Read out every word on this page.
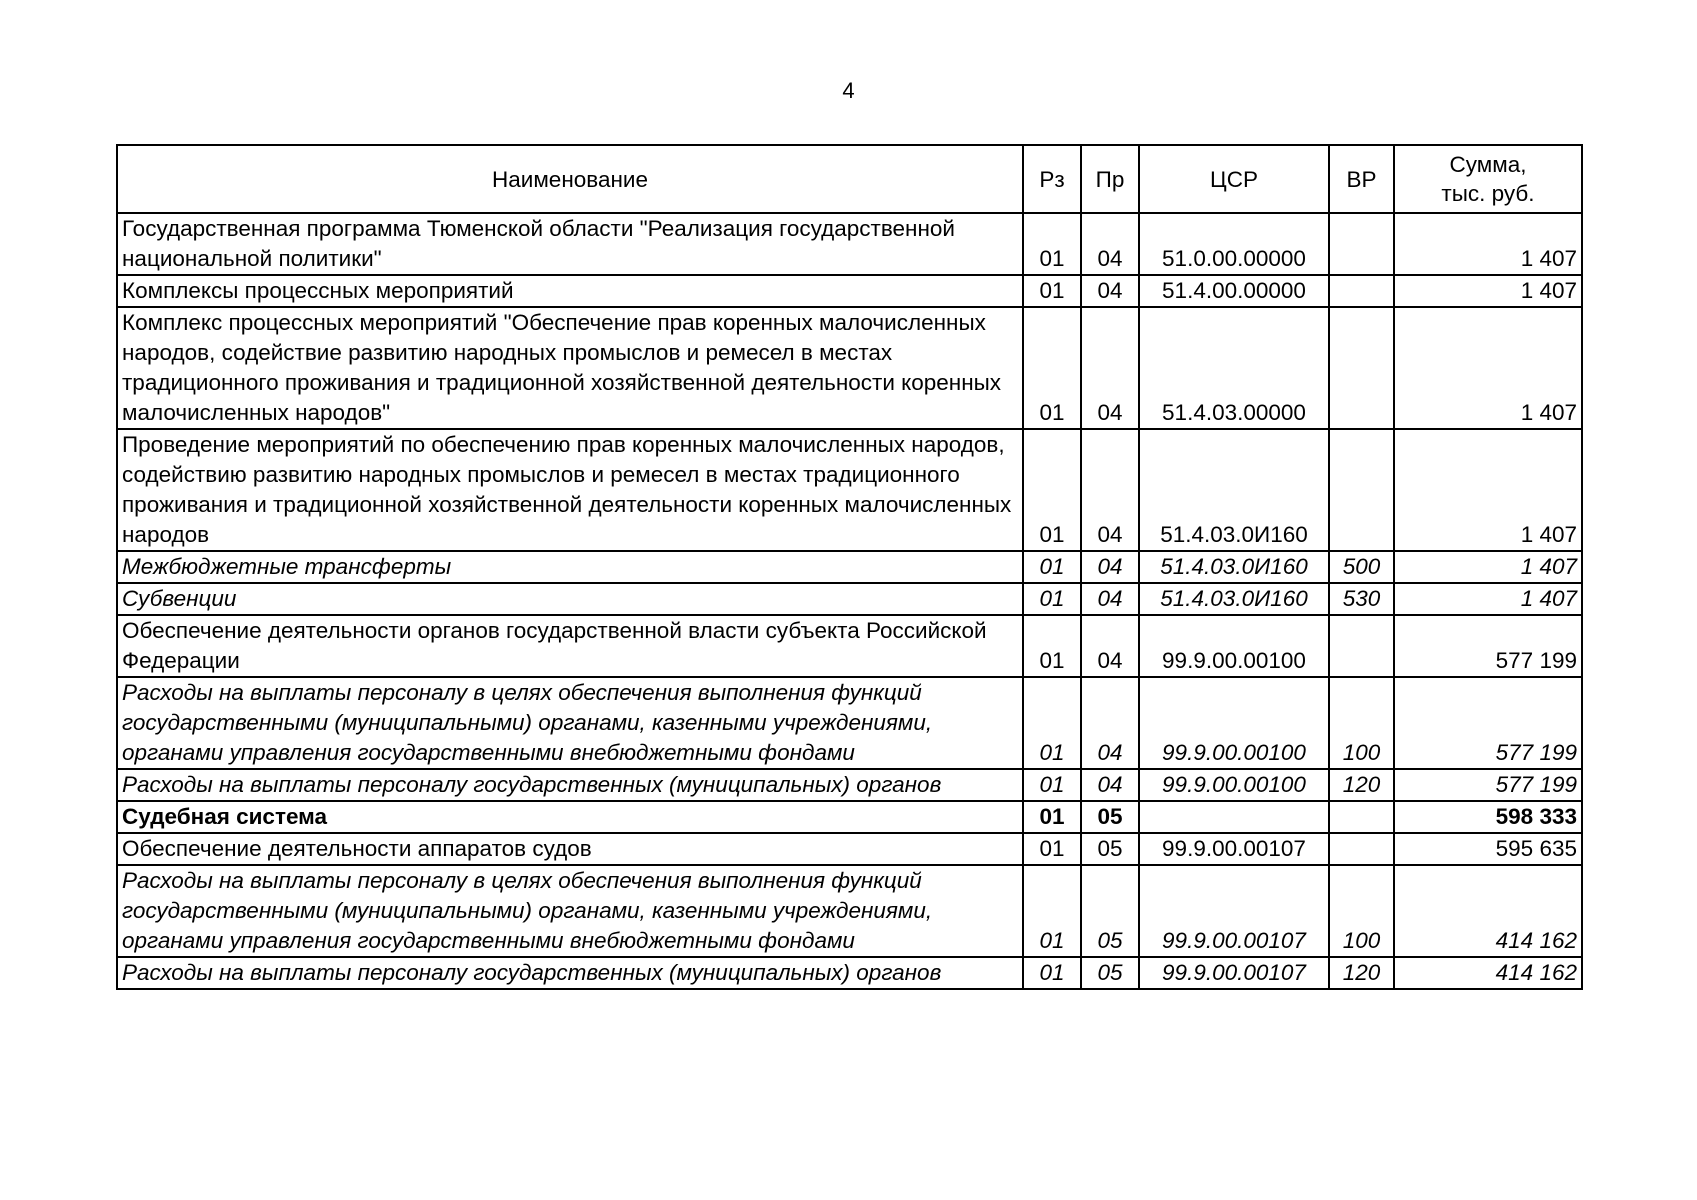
4
Наименование	Рз	Пр	ЦСР	ВР	Сумма,
тыс. руб.
Государственная программа Тюменской области "Реализация государственной национальной политики"	01	04	51.0.00.00000		1 407
Комплексы процессных мероприятий	01	04	51.4.00.00000		1 407
Комплекс процессных мероприятий "Обеспечение прав коренных малочисленных народов, содействие развитию народных промыслов и ремесел в местах традиционного проживания и традиционной хозяйственной деятельности коренных малочисленных народов"	01	04	51.4.03.00000		1 407
Проведение мероприятий по обеспечению прав коренных малочисленных народов, содействию развитию народных промыслов и ремесел в местах традиционного проживания и традиционной хозяйственной деятельности коренных малочисленных народов	01	04	51.4.03.0И160		1 407
Межбюджетные трансферты	01	04	51.4.03.0И160	500	1 407
Субвенции	01	04	51.4.03.0И160	530	1 407
Обеспечение деятельности органов государственной власти субъекта Российской Федерации	01	04	99.9.00.00100		577 199
Расходы на выплаты персоналу в целях обеспечения выполнения функций государственными (муниципальными) органами, казенными учреждениями, органами управления государственными внебюджетными фондами	01	04	99.9.00.00100	100	577 199
Расходы на выплаты персоналу государственных (муниципальных) органов	01	04	99.9.00.00100	120	577 199
Судебная система	01	05			598 333
Обеспечение деятельности аппаратов судов	01	05	99.9.00.00107		595 635
Расходы на выплаты персоналу в целях обеспечения выполнения функций государственными (муниципальными) органами, казенными учреждениями, органами управления государственными внебюджетными фондами	01	05	99.9.00.00107	100	414 162
Расходы на выплаты персоналу государственных (муниципальных) органов	01	05	99.9.00.00107	120	414 162
